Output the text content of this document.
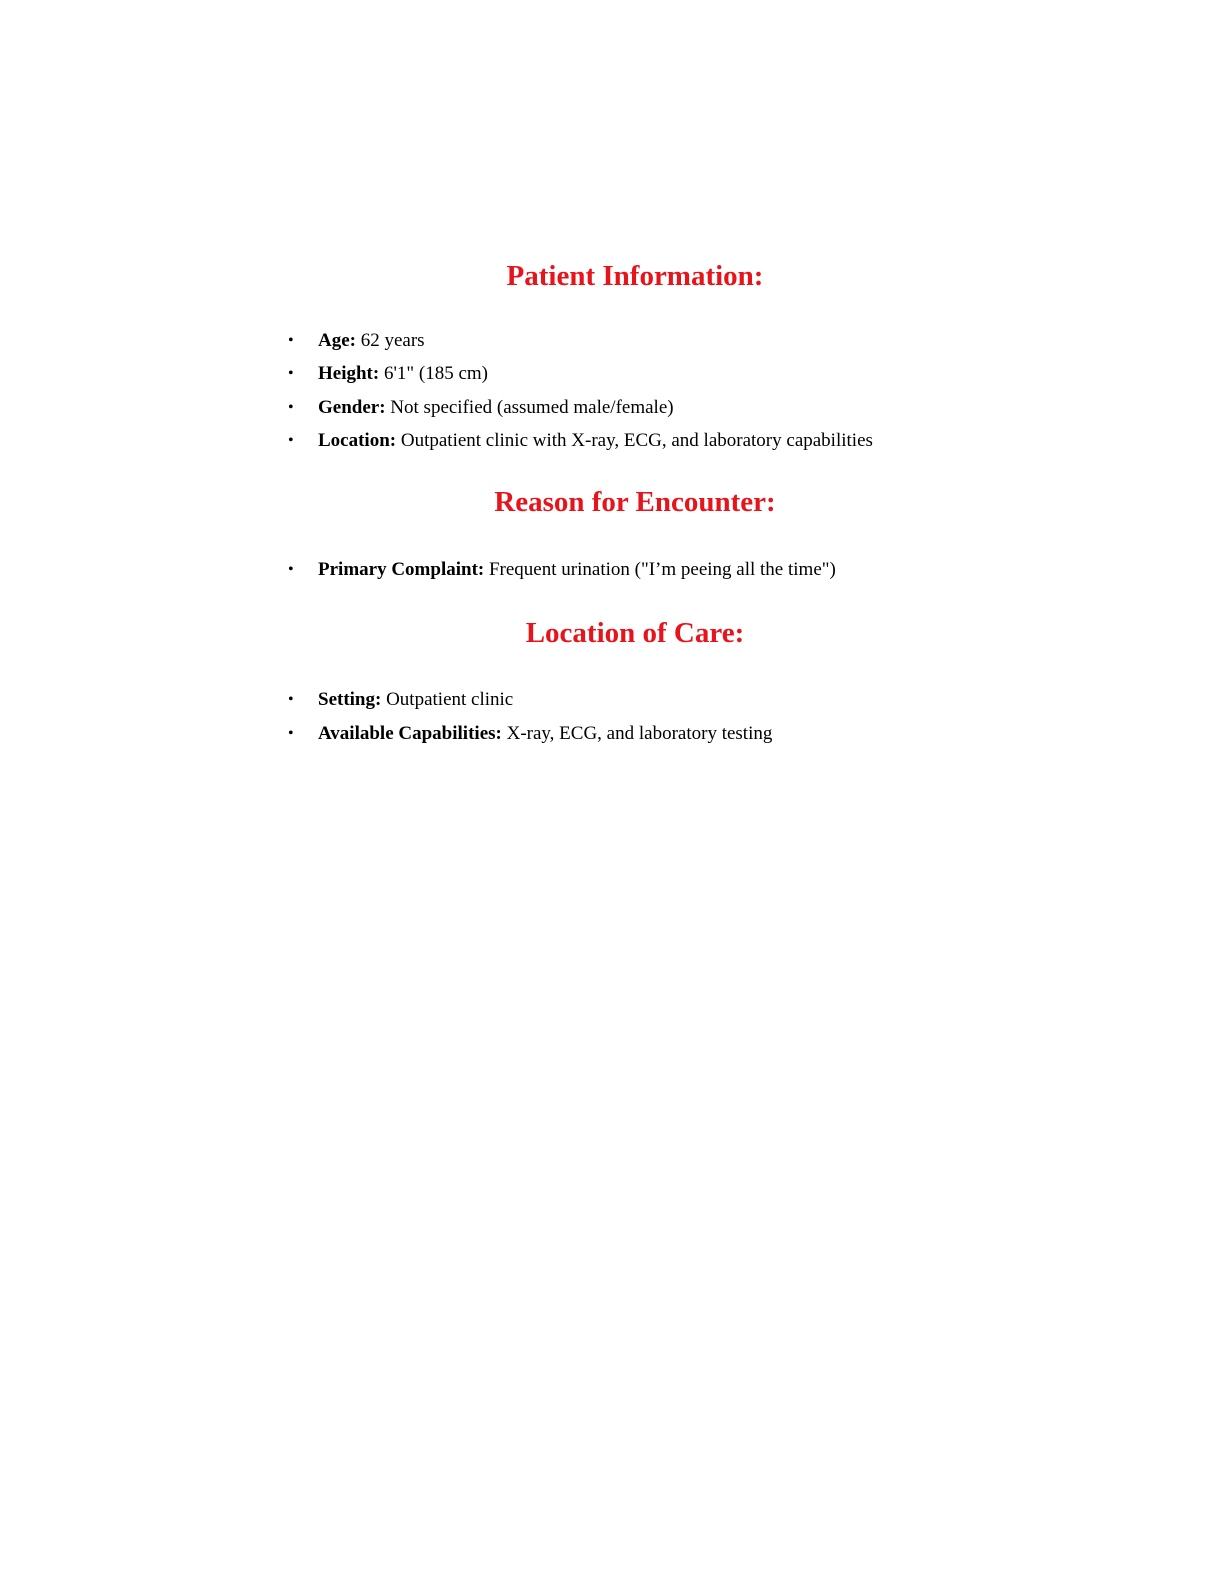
Patient Information:
• Age: 62 years
• Height: 6'1" (185 cm)
• Gender: Not specified (assumed male/female)
• Location: Outpatient clinic with X-ray, ECG, and laboratory capabilities
Reason for Encounter:
• Primary Complaint: Frequent urination ("I’m peeing all the time")
Location of Care:
• Setting: Outpatient clinic
• Available Capabilities: X-ray, ECG, and laboratory testing
